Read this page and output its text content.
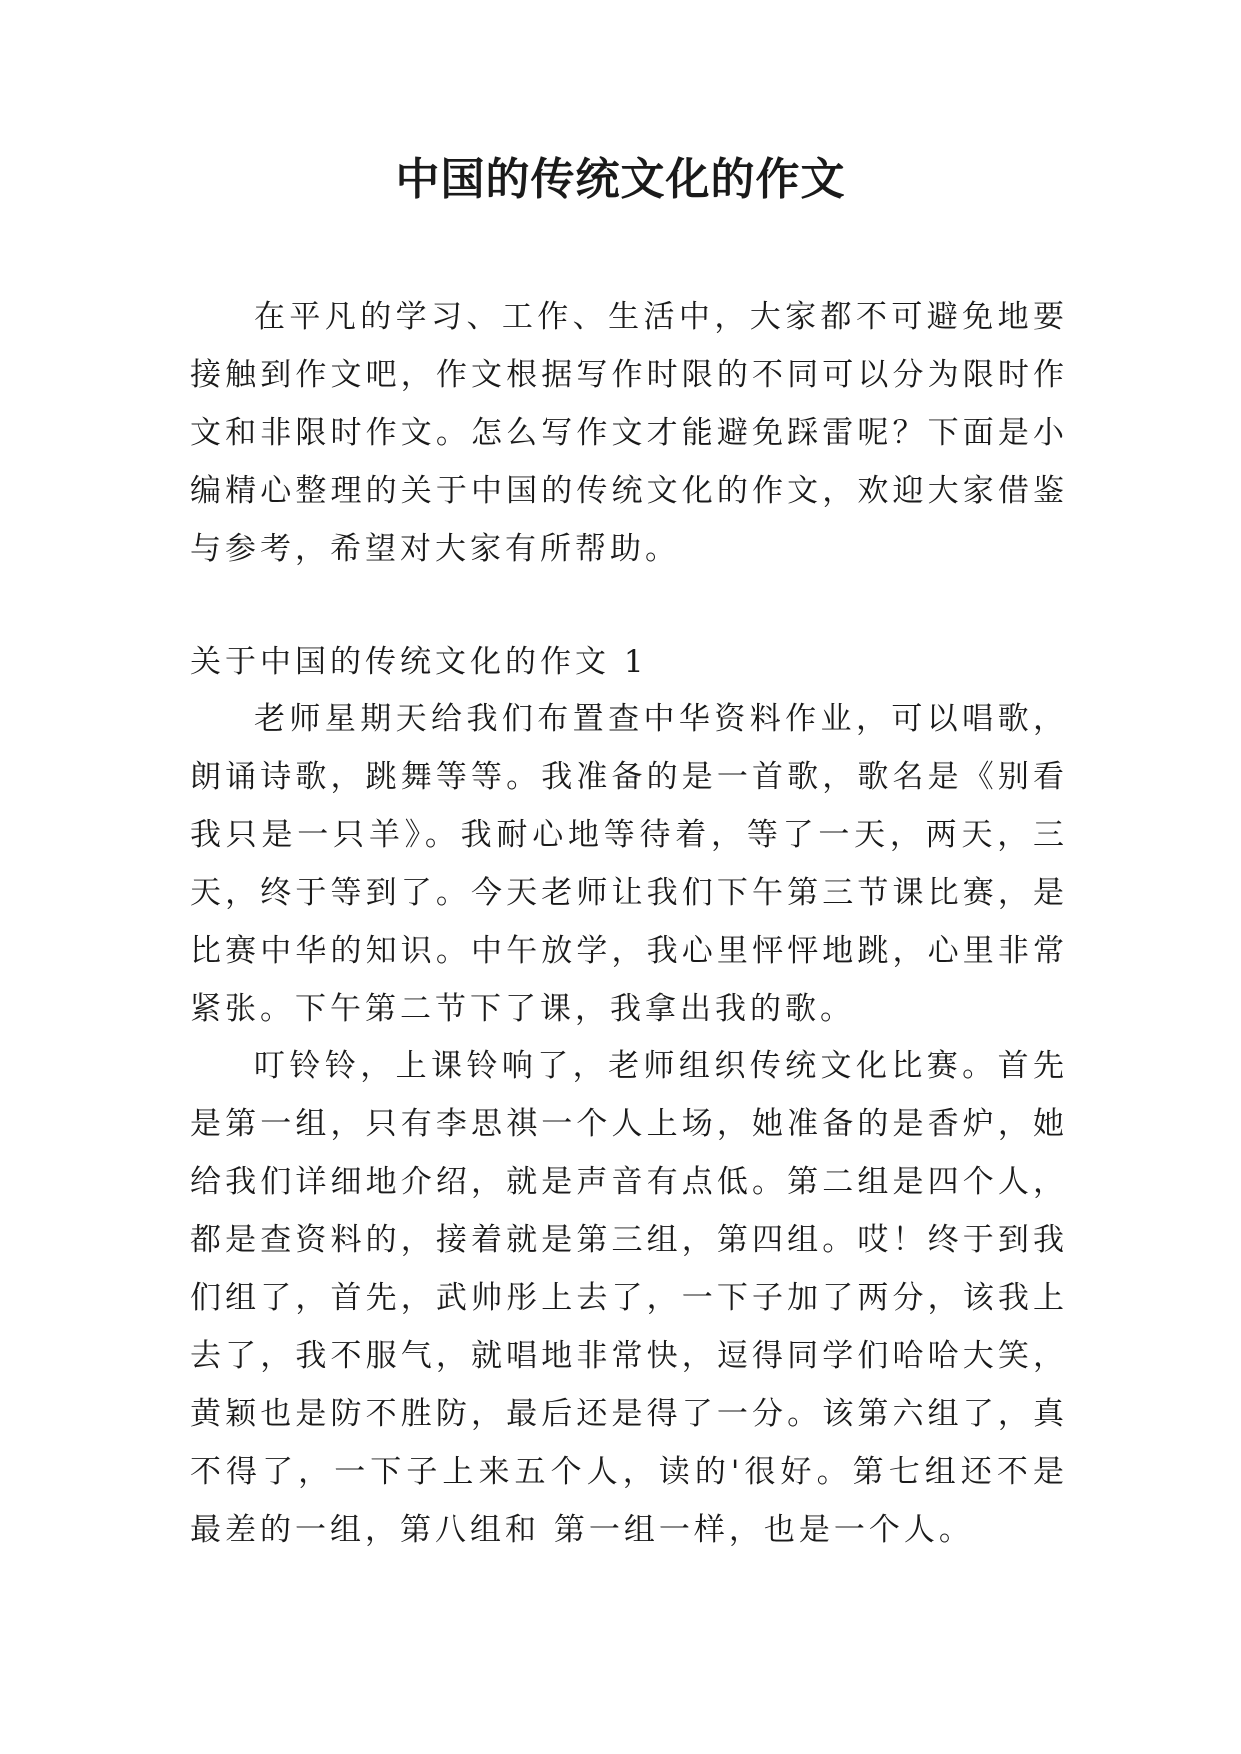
中国的传统文化的作文

在平凡的学习、工作、生活中，大家都不可避免地要接触到作文吧，作文根据写作时限的不同可以分为限时作文和非限时作文。怎么写作文才能避免踩雷呢？下面是小编精心整理的关于中国的传统文化的作文，欢迎大家借鉴与参考，希望对大家有所帮助。

关于中国的传统文化的作文 1

老师星期天给我们布置查中华资料作业，可以唱歌，朗诵诗歌，跳舞等等。我准备的是一首歌，歌名是《别看我只是一只羊》。我耐心地等待着，等了一天，两天，三天，终于等到了。今天老师让我们下午第三节课比赛，是比赛中华的知识。中午放学，我心里怦怦地跳，心里非常紧张。下午第二节下了课，我拿出我的歌。

叮铃铃，上课铃响了，老师组织传统文化比赛。首先是第一组，只有李思祺一个人上场，她准备的是香炉，她给我们详细地介绍，就是声音有点低。第二组是四个人，都是查资料的，接着就是第三组，第四组。哎！终于到我们组了，首先，武帅彤上去了，一下子加了两分，该我上去了，我不服气，就唱地非常快，逗得同学们哈哈大笑，黄颖也是防不胜防，最后还是得了一分。该第六组了，真不得了，一下子上来五个人，读的'很好。第七组还不是最差的一组，第八组和 第一组一样，也是一个人。
